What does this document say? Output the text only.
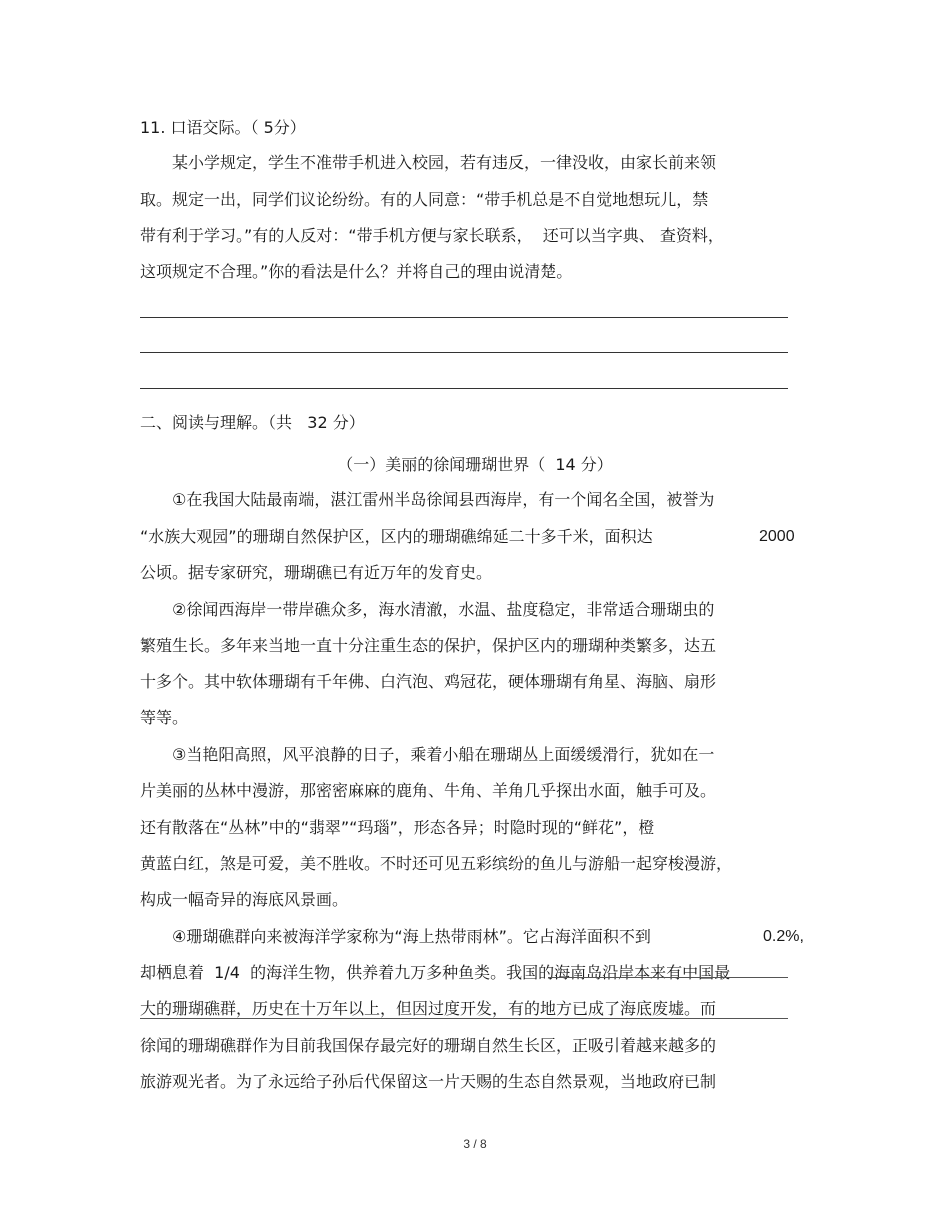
11. 口语交际。（ 5分）
某小学规定，学生不准带手机进入校园，若有违反，一律没收，由家长前来领
取。规定一出，同学们议论纷纷。有的人同意：“带手机总是不自觉地想玩儿，禁
带有利于学习。”有的人反对：“带手机方便与家长联系，  还可以当字典、 查资料，
这项规定不合理。”你的看法是什么？并将自己的理由说清楚。
二、阅读与理解。（共   32 分）
（一）美丽的徐闻珊瑚世界（  14 分）
①在我国大陆最南端，湛江雷州半岛徐闻县西海岸，有一个闻名全国，被誉为
“水族大观园”的珊瑚自然保护区，区内的珊瑚礁绵延二十多千米，面积达	2000
公顷。据专家研究，珊瑚礁已有近万年的发育史。
②徐闻西海岸一带岸礁众多，海水清澈，水温、盐度稳定，非常适合珊瑚虫的
繁殖生长。多年来当地一直十分注重生态的保护，保护区内的珊瑚种类繁多，达五
十多个。其中软体珊瑚有千年佛、白汽泡、鸡冠花，硬体珊瑚有角星、海脑、扇形
等等。
③当艳阳高照，风平浪静的日子，乘着小船在珊瑚丛上面缓缓滑行，犹如在一
片美丽的丛林中漫游，那密密麻麻的鹿角、牛角、羊角几乎探出水面，触手可及。
还有散落在“丛林”中的“翡翠”“玛瑙”，形态各异；时隐时现的“鲜花”，橙
黄蓝白红，煞是可爱，美不胜收。不时还可见五彩缤纷的鱼儿与游船一起穿梭漫游，
构成一幅奇异的海底风景画。
④珊瑚礁群向来被海洋学家称为“海上热带雨林”。它占海洋面积不到	0.2%,
却栖息着  1/4  的海洋生物，供养着九万多种鱼类。我国的海南岛沿岸本来有中国最
大的珊瑚礁群，历史在十万年以上，但因过度开发，有的地方已成了海底废墟。而
徐闻的珊瑚礁群作为目前我国保存最完好的珊瑚自然生长区，正吸引着越来越多的
旅游观光者。为了永远给子孙后代保留这一片天赐的生态自然景观，当地政府已制
3 / 8
